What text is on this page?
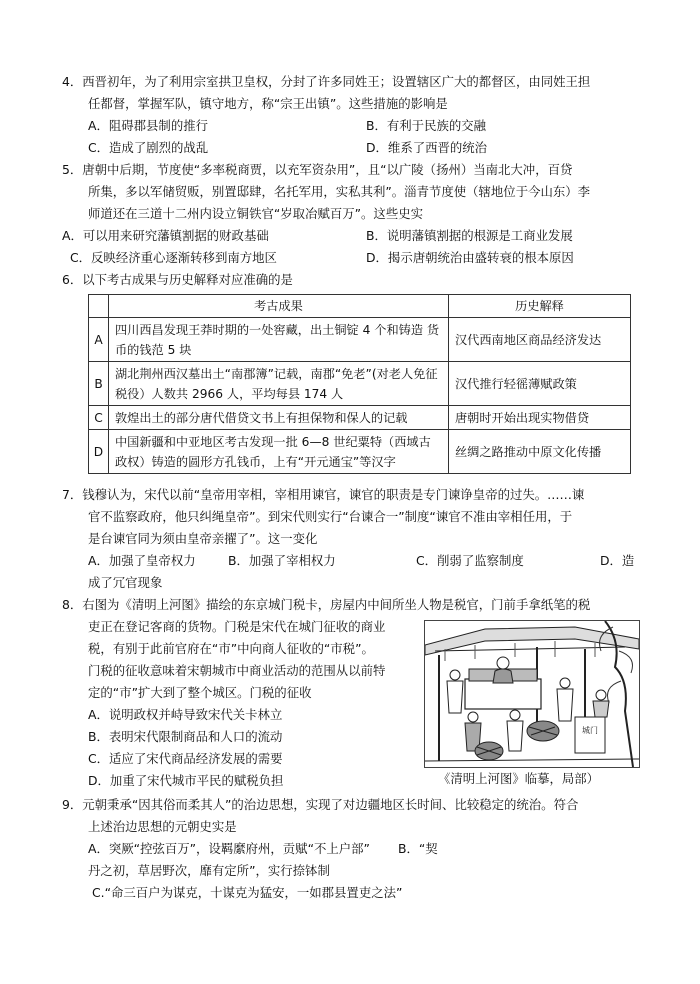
4．西晋初年，为了利用宗室拱卫皇权，分封了许多同姓王；设置辖区广大的都督区，由同姓王担
任都督，掌握军队，镇守地方，称“宗王出镇”。这些措施的影响是
A．阻碍郡县制的推行	B．有利于民族的交融
C．造成了剧烈的战乱	D．维系了西晋的统治
5．唐朝中后期，节度使“多率税商贾，以充军资杂用”，且“以广陵（扬州）当南北大冲，百贷
所集，多以军储贸贩，别置邸肆，名托军用，实私其利”。淄青节度使（辖地位于今山东）李
师道还在三道十二州内设立铜铁官“岁取冶赋百万”。这些史实
A．可以用来研究藩镇割据的财政基础	B．说明藩镇割据的根源是工商业发展
C．反映经济重心逐渐转移到南方地区	D．揭示唐朝统治由盛转衰的根本原因
6．以下考古成果与历史解释对应准确的是
	考古成果	历史解释
A	四川西昌发现王莽时期的一处窖藏，出土铜锭 4 个和铸造 货币的钱范 5 块	汉代西南地区商品经济发达
B	湖北荆州西汉墓出土“南郡簿”记载，南郡“免老”(对老人免征税役）人数共 2966 人，平均每县 174 人	汉代推行轻徭薄赋政策
C	敦煌出土的部分唐代借贷文书上有担保物和保人的记载	唐朝时开始出现实物借贷
D	中国新疆和中亚地区考古发现一批 6—8 世纪粟特（西域古政权）铸造的圆形方孔钱币，上有“开元通宝”等汉字	丝绸之路推动中原文化传播
7．钱穆认为，宋代以前“皇帝用宰相，宰相用谏官，谏官的职责是专门谏诤皇帝的过失。……谏
官不监察政府，他只纠绳皇帝”。到宋代则实行“台谏合一”制度“谏官不准由宰相任用，于
是台谏官同为须由皇帝亲擢了”。这一变化
A．加强了皇帝权力	B．加强了宰相权力	C．削弱了监察制度	D．造
成了冗官现象
8．右图为《清明上河图》描绘的东京城门税卡，房屋内中间所坐人物是税官，门前手拿纸笔的税
吏正在登记客商的货物。门税是宋代在城门征收的商业
税，有别于此前官府在“市”中向商人征收的“市税”。
门税的征收意味着宋朝城市中商业活动的范围从以前特
定的“市”扩大到了整个城区。门税的征收
A．说明政权并峙导致宋代关卡林立
B．表明宋代限制商品和人口的流动
C．适应了宋代商品经济发展的需要
D．加重了宋代城市平民的赋税负担
城门
《清明上河图》临摹，局部）
9．元朝秉承“因其俗而柔其人”的治边思想，实现了对边疆地区长时间、比较稳定的统治。符合
上述治边思想的元朝史实是
A．突厥“控弦百万”，设羁縻府州，贡赋“不上户部” B．“契
丹之初，草居野次，靡有定所”，实行捺钵制
C.“命三百户为谋克，十谋克为猛安，一如郡县置吏之法”
